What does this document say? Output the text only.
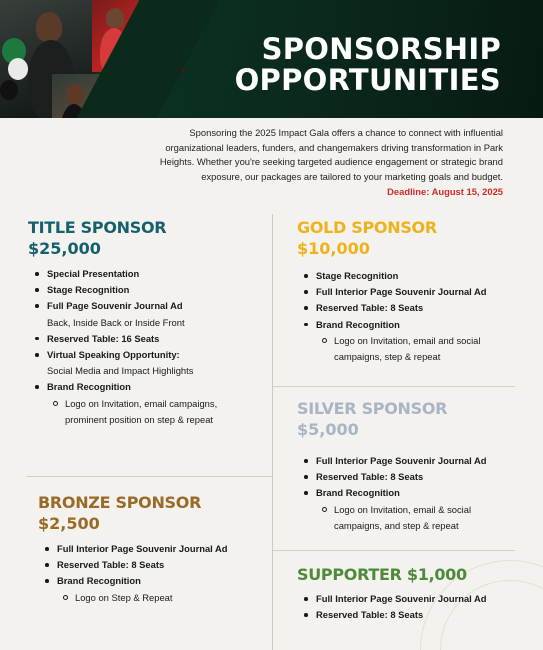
SPONSORSHIP
OPPORTUNITIES

Sponsoring the 2025 Impact Gala offers a chance to connect with influential organizational leaders, funders, and changemakers driving transformation in Park Heights. Whether you're seeking targeted audience engagement or strategic brand exposure, our packages are tailored to your marketing goals and budget.

Deadline: August 15, 2025
TITLE SPONSOR
$25,000
Special Presentation
Stage Recognition
Full Page Souvenir Journal Ad
Back, Inside Back or Inside Front
Reserved Table: 16 Seats
Virtual Speaking Opportunity:
Social Media and Impact Highlights
Brand Recognition
Logo on Invitation, email campaigns, prominent position on step & repeat
GOLD SPONSOR
$10,000
Stage Recognition
Full Interior Page Souvenir Journal Ad
Reserved Table: 8 Seats
Brand Recognition
Logo on Invitation, email and social campaigns, step & repeat
SILVER SPONSOR
$5,000
Full Interior Page Souvenir Journal Ad
Reserved Table: 8 Seats
Brand Recognition
Logo on Invitation, email & social campaigns, and step & repeat
BRONZE SPONSOR
$2,500
Full Interior Page Souvenir Journal Ad
Reserved Table: 8 Seats
Brand Recognition
Logo on Step & Repeat
SUPPORTER $1,000
Full Interior Page Souvenir Journal Ad
Reserved Table: 8 Seats
